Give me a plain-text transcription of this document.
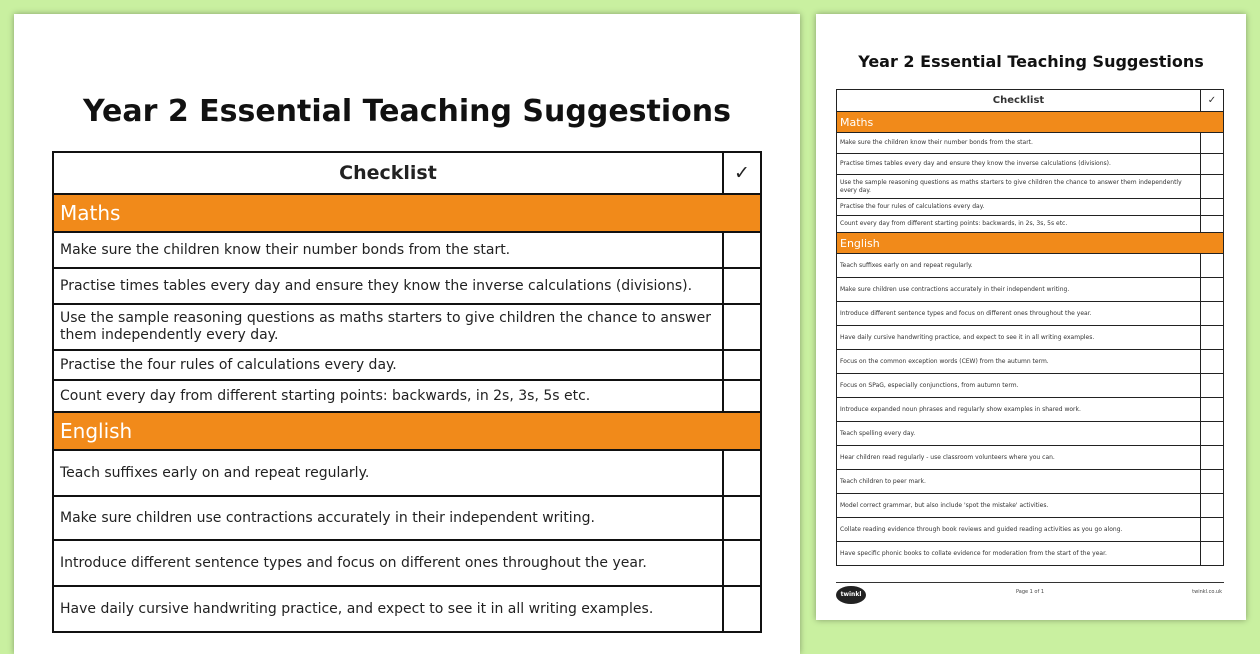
Year 2 Essential Teaching Suggestions
Checklist	✓
Maths	
Make sure the children know their number bonds from the start.	
Practise times tables every day and ensure they know the inverse calculations (divisions).	
Use the sample reasoning questions as maths starters to give children the chance to answer them independently every day.	
Practise the four rules of calculations every day.	
Count every day from different starting points: backwards, in 2s, 3s, 5s etc.	
English	
Teach suffixes early on and repeat regularly.	
Make sure children use contractions accurately in their independent writing.	
Introduce different sentence types and focus on different ones throughout the year.	
Have daily cursive handwriting practice, and expect to see it in all writing examples.	
Year 2 Essential Teaching Suggestions
Checklist	✓
Maths	
Make sure the children know their number bonds from the start.	
Practise times tables every day and ensure they know the inverse calculations (divisions).	
Use the sample reasoning questions as maths starters to give children the chance to answer them independently every day.	
Practise the four rules of calculations every day.	
Count every day from different starting points: backwards, in 2s, 3s, 5s etc.	
English	
Teach suffixes early on and repeat regularly.	
Make sure children use contractions accurately in their independent writing.	
Introduce different sentence types and focus on different ones throughout the year.	
Have daily cursive handwriting practice, and expect to see it in all writing examples.	
Focus on the common exception words (CEW) from the autumn term.	
Focus on SPaG, especially conjunctions, from autumn term.	
Introduce expanded noun phrases and regularly show examples in shared work.	
Teach spelling every day.	
Hear children read regularly - use classroom volunteers where you can.	
Teach children to peer mark.	
Model correct grammar, but also include 'spot the mistake' activities.	
Collate reading evidence through book reviews and guided reading activities as you go along.	
Have specific phonic books to collate evidence for moderation from the start of the year.	
twinkl	Page 1 of 1	twinkl.co.uk
